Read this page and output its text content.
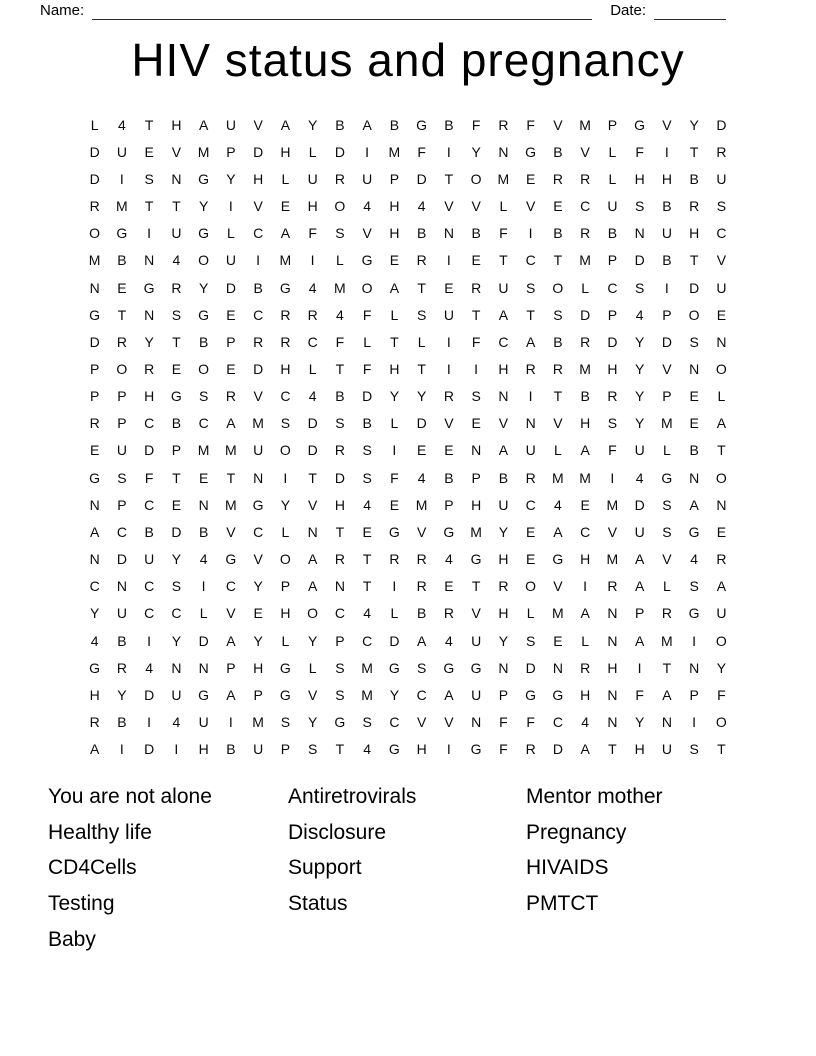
Name:	Date:
HIV status and pregnancy
L	4	T	H	A	U	V	A	Y	B	A	B	G	B	F	R	F	V	M	P	G	V	Y	D
D	U	E	V	M	P	D	H	L	D	I	M	F	I	Y	N	G	B	V	L	F	I	T	R
D	I	S	N	G	Y	H	L	U	R	U	P	D	T	O	M	E	R	R	L	H	H	B	U
R	M	T	T	Y	I	V	E	H	O	4	H	4	V	V	L	V	E	C	U	S	B	R	S
O	G	I	U	G	L	C	A	F	S	V	H	B	N	B	F	I	B	R	B	N	U	H	C
M	B	N	4	O	U	I	M	I	L	G	E	R	I	E	T	C	T	M	P	D	B	T	V
N	E	G	R	Y	D	B	G	4	M	O	A	T	E	R	U	S	O	L	C	S	I	D	U
G	T	N	S	G	E	C	R	R	4	F	L	S	U	T	A	T	S	D	P	4	P	O	E
D	R	Y	T	B	P	R	R	C	F	L	T	L	I	F	C	A	B	R	D	Y	D	S	N
P	O	R	E	O	E	D	H	L	T	F	H	T	I	I	H	R	R	M	H	Y	V	N	O
P	P	H	G	S	R	V	C	4	B	D	Y	Y	R	S	N	I	T	B	R	Y	P	E	L
R	P	C	B	C	A	M	S	D	S	B	L	D	V	E	V	N	V	H	S	Y	M	E	A
E	U	D	P	M	M	U	O	D	R	S	I	E	E	N	A	U	L	A	F	U	L	B	T
G	S	F	T	E	T	N	I	T	D	S	F	4	B	P	B	R	M	M	I	4	G	N	O
N	P	C	E	N	M	G	Y	V	H	4	E	M	P	H	U	C	4	E	M	D	S	A	N
A	C	B	D	B	V	C	L	N	T	E	G	V	G	M	Y	E	A	C	V	U	S	G	E
N	D	U	Y	4	G	V	O	A	R	T	R	R	4	G	H	E	G	H	M	A	V	4	R
C	N	C	S	I	C	Y	P	A	N	T	I	R	E	T	R	O	V	I	R	A	L	S	A
Y	U	C	C	L	V	E	H	O	C	4	L	B	R	V	H	L	M	A	N	P	R	G	U
4	B	I	Y	D	A	Y	L	Y	P	C	D	A	4	U	Y	S	E	L	N	A	M	I	O
G	R	4	N	N	P	H	G	L	S	M	G	S	G	G	N	D	N	R	H	I	T	N	Y
H	Y	D	U	G	A	P	G	V	S	M	Y	C	A	U	P	G	G	H	N	F	A	P	F
R	B	I	4	U	I	M	S	Y	G	S	C	V	V	N	F	F	C	4	N	Y	N	I	O
A	I	D	I	H	B	U	P	S	T	4	G	H	I	G	F	R	D	A	T	H	U	S	T
You are not alone
Healthy life
CD4Cells
Testing
Baby
Antiretrovirals
Disclosure
Support
Status
Mentor mother
Pregnancy
HIVAIDS
PMTCT
